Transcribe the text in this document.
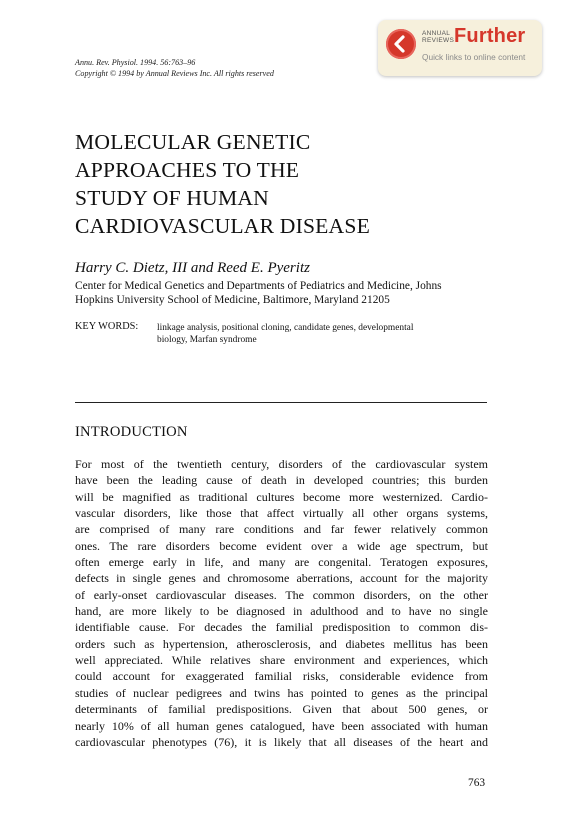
Annu. Rev. Physiol. 1994. 56:763–96
Copyright © 1994 by Annual Reviews Inc. All rights reserved
ANNUAL
REVIEWS Further
Quick links to online content
MOLECULAR GENETIC
APPROACHES TO THE
STUDY OF HUMAN
CARDIOVASCULAR DISEASE
Harry C. Dietz, III and Reed E. Pyeritz
Center for Medical Genetics and Departments of Pediatrics and Medicine, Johns
Hopkins University School of Medicine, Baltimore, Maryland 21205
KEY WORDS: linkage analysis, positional cloning, candidate genes, developmental
biology, Marfan syndrome
INTRODUCTION
For most of the twentieth century, disorders of the cardiovascular system
have been the leading cause of death in developed countries; this burden
will be magnified as traditional cultures become more westernized. Cardio-
vascular disorders, like those that affect virtually all other organs systems,
are comprised of many rare conditions and far fewer relatively common
ones. The rare disorders become evident over a wide age spectrum, but
often emerge early in life, and many are congenital. Teratogen exposures,
defects in single genes and chromosome aberrations, account for the majority
of early-onset cardiovascular diseases. The common disorders, on the other
hand, are more likely to be diagnosed in adulthood and to have no single
identifiable cause. For decades the familial predisposition to common dis-
orders such as hypertension, atherosclerosis, and diabetes mellitus has been
well appreciated. While relatives share environment and experiences, which
could account for exaggerated familial risks, considerable evidence from
studies of nuclear pedigrees and twins has pointed to genes as the principal
determinants of familial predispositions. Given that about 500 genes, or
nearly 10% of all human genes catalogued, have been associated with human
cardiovascular phenotypes (76), it is likely that all diseases of the heart and
763
